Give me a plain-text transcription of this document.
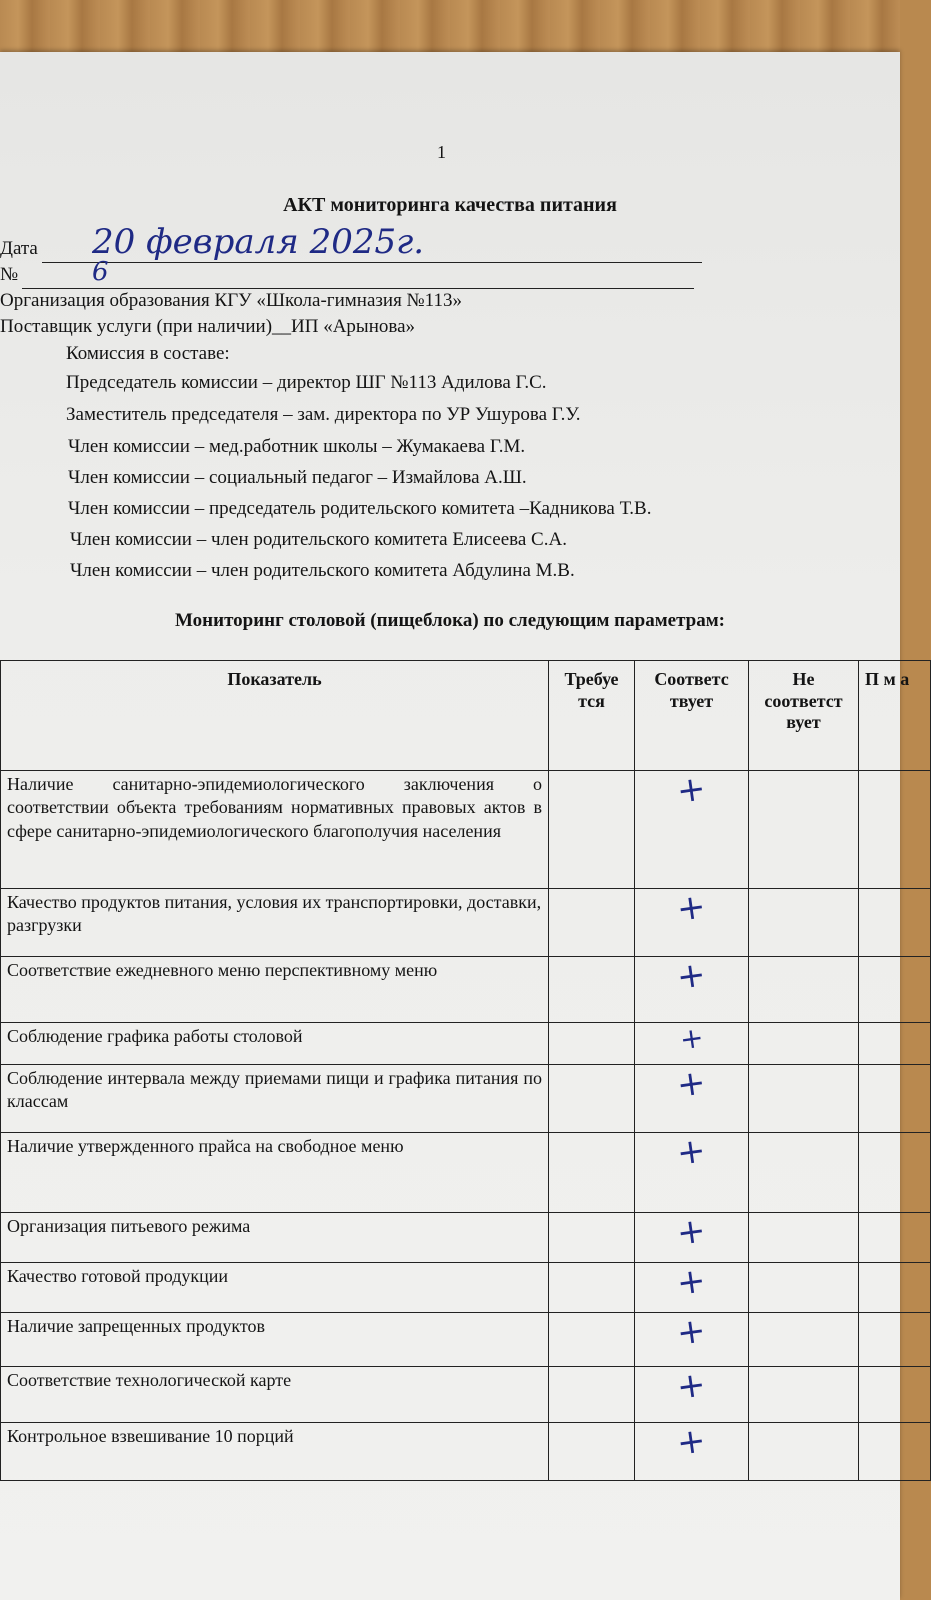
1
АКТ мониторинга качества питания
Дата 20 февраля 2025г.
№	6
Организация образования КГУ «Школа-гимназия №113»
Поставщик услуги (при наличии)__ИП «Арынова»
Комиссия в составе:
Председатель комиссии – директор ШГ №113 Адилова Г.С.
Заместитель председателя – зам. директора по УР Ушурова Г.У.
Член комиссии – мед.работник школы – Жумакаева Г.М.
Член комиссии – социальный педагог – Измайлова А.Ш.
Член комиссии – председатель родительского комитета –Кадникова Т.В.
Член комиссии – член родительского комитета Елисеева С.А.
Член комиссии – член родительского комитета Абдулина М.В.
Мониторинг столовой (пищеблока) по следующим параметрам:
Показатель	Требуе тся	Соответс твует	Не соответст вует	П м а
Наличие санитарно-эпидемиологического заключения о соответствии объекта требованиям нормативных правовых актов в сфере санитарно-эпидемиологического благополучия населения		+		
Качество продуктов питания, условия их транспортировки, доставки, разгрузки		+		
Соответствие ежедневного меню перспективному меню		+		
Соблюдение графика работы столовой		+		
Соблюдение интервала между приемами пищи и графика питания по классам		+		
Наличие утвержденного прайса на свободное меню		+		
Организация питьевого режима		+		
Качество готовой продукции		+		
Наличие запрещенных продуктов		+		
Соответствие технологической карте		+		
Контрольное взвешивание 10 порций		+		
